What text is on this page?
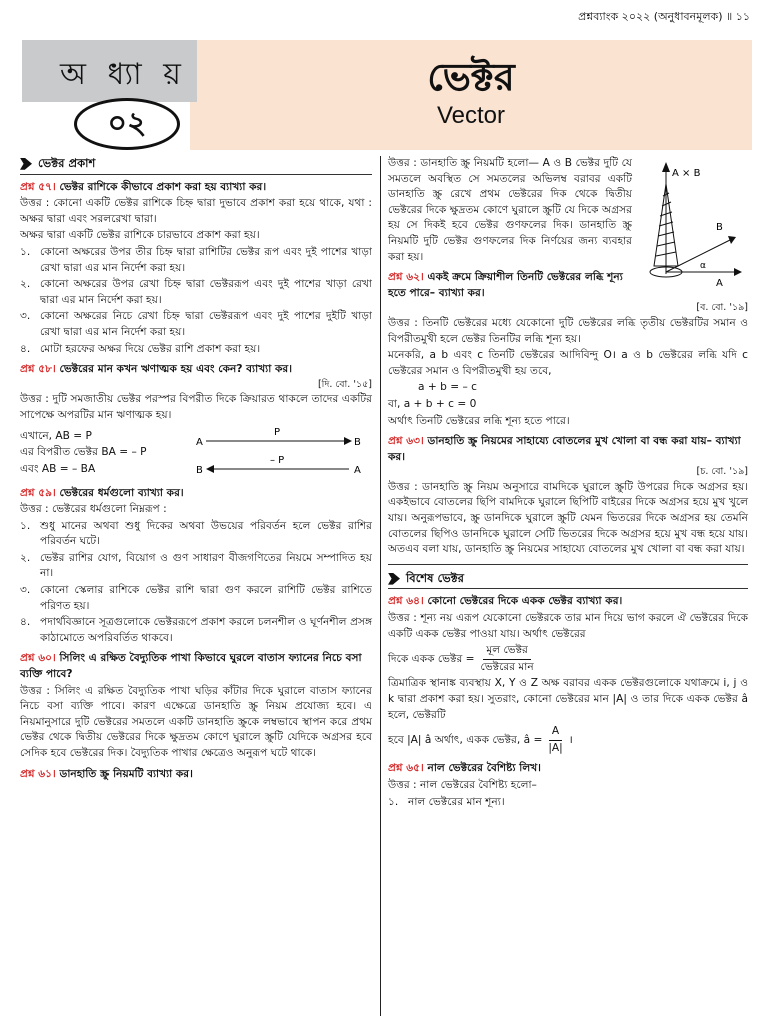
প্রশ্নব্যাংক ২০২২ (অনুধাবনমূলক) ॥ ১১
অ ধ্যা য়
০২
ভেক্টর
Vector
ভেক্টর প্রকাশ
প্রশ্ন ৫৭। ভেক্টর রাশিকে কীভাবে প্রকাশ করা হয় ব্যাখ্যা কর।

উত্তর : কোনো একটি ভেক্টর রাশিকে চিহ্ন দ্বারা দুভাবে প্রকাশ করা হয়ে থাকে, যথা : অক্ষর দ্বারা এবং সরলরেখা দ্বারা।

অক্ষর দ্বারা একটি ভেক্টর রাশিকে চারভাবে প্রকাশ করা হয়।

১. কোনো অক্ষরের উপর তীর চিহ্ন দ্বারা রাশিটির ভেক্টর রূপ এবং দুই পাশের খাড়া রেখা দ্বারা এর মান নির্দেশ করা হয়।
২. কোনো অক্ষরের উপর রেখা চিহ্ন দ্বারা ভেক্টররূপ এবং দুই পাশের খাড়া রেখা দ্বারা এর মান নির্দেশ করা হয়।
৩. কোনো অক্ষরের নিচে রেখা চিহ্ন দ্বারা ভেক্টররূপ এবং দুই পাশের দুইটি খাড়া রেখা দ্বারা এর মান নির্দেশ করা হয়।
৪. মোটা হরফের অক্ষর দিয়ে ভেক্টর রাশি প্রকাশ করা হয়।
প্রশ্ন ৫৮। ভেক্টরের মান কখন ঋণাত্মক হয় এবং কেন? ব্যাখ্যা কর।
[দি. বো. '১৫]

উত্তর : দুটি সমজাতীয় ভেক্টর পরস্পর বিপরীত দিকে ক্রিয়ারত থাকলে তাদের একটির সাপেক্ষে অপরটির মান ঋণাত্মক হয়।

এখানে, AB = P

এর বিপরীত ভেক্টর BA = – P

এবং AB = – BA

A	B
P
B	A
– P
প্রশ্ন ৫৯। ভেক্টরের ধর্মগুলো ব্যাখ্যা কর।

উত্তর : ভেক্টরের ধর্মগুলো নিম্নরূপ :

১. শুধু মানের অথবা শুধু দিকের অথবা উভয়ের পরিবর্তন হলে ভেক্টর রাশির পরিবর্তন ঘটে।
২. ভেক্টর রাশির যোগ, বিয়োগ ও গুণ সাধারণ বীজগণিতের নিয়মে সম্পাদিত হয় না।
৩. কোনো স্কেলার রাশিকে ভেক্টর রাশি দ্বারা গুণ করলে রাশিটি ভেক্টর রাশিতে পরিণত হয়।
৪. পদার্থবিজ্ঞানে সূত্রগুলোকে ভেক্টররূপে প্রকাশ করলে চলনশীল ও ঘূর্ণনশীল প্রসঙ্গ কাঠামোতে অপরিবর্তিত থাকবে।
প্রশ্ন ৬০। সিলিং এ রক্ষিত বৈদ্যুতিক পাখা কিভাবে ঘুরলে বাতাস ফ্যানের নিচে বসা ব্যক্তি পাবে?

উত্তর : সিলিং এ রক্ষিত বৈদ্যুতিক পাখা ঘড়ির কাঁটার দিকে ঘুরালে বাতাস ফ্যানের নিচে বসা ব্যক্তি পাবে। কারণ এক্ষেত্রে ডানহাতি স্ক্রু নিয়ম প্রযোজ্য হবে। এ নিয়মানুসারে দুটি ভেক্টরের সমতলে একটি ডানহাতি স্ক্রুকে লম্বভাবে স্থাপন করে প্রথম ভেক্টর থেকে দ্বিতীয় ভেক্টরের দিকে ক্ষুদ্রতম কোণে ঘুরালে স্ক্রুটি যেদিকে অগ্রসর হবে সেদিক হবে ভেক্টরের দিক। বৈদ্যুতিক পাখার ক্ষেত্রেও অনুরূপ ঘটে থাকে।

প্রশ্ন ৬১। ডানহাতি স্ক্রু নিয়মটি ব্যাখ্যা কর।
A × B
B
A
α

উত্তর : ডানহাতি স্ক্রু নিয়মটি হলো— A ও B ভেক্টর দুটি যে সমতলে অবস্থিত সে সমতলের অভিলম্ব বরাবর একটি ডানহাতি স্ক্রু রেখে প্রথম ভেক্টরের দিক থেকে দ্বিতীয় ভেক্টরের দিকে ক্ষুদ্রতম কোণে ঘুরালে স্ক্রুটি যে দিকে অগ্রসর হয় সে দিকই হবে ভেক্টর গুণফলের দিক। ডানহাতি স্ক্রু নিয়মটি দুটি ভেক্টর গুণফলের দিক নির্ণয়ের জন্য ব্যবহার করা হয়।

প্রশ্ন ৬২। একই ক্রমে ক্রিয়াশীল তিনটি ভেক্টরের লব্ধি শূন্য হতে পারে– ব্যাখ্যা কর।
[ব. বো. '১৯]

উত্তর : তিনটি ভেক্টরের মধ্যে যেকোনো দুটি ভেক্টরের লব্ধি তৃতীয় ভেক্টরটির সমান ও বিপরীতমুখী হলে ভেক্টর তিনটির লব্ধি শূন্য হয়।

মনেকরি, a b এবং c তিনটি ভেক্টরের আদিবিন্দু O। a ও b ভেক্টরের লব্ধি যদি c ভেক্টরের সমান ও বিপরীতমুখী হয় তবে,

a + b = – c

বা, a + b + c = 0

অর্থাৎ তিনটি ভেক্টরের লব্ধি শূন্য হতে পারে।

প্রশ্ন ৬৩। ডানহাতি স্ক্রু নিয়মের সাহায্যে বোতলের মুখ খোলা বা বন্ধ করা যায়– ব্যাখ্যা কর।
[চ. বো. '১৯]

উত্তর : ডানহাতি স্ক্রু নিয়ম অনুসারে বামদিকে ঘুরালে স্ক্রুটি উপরের দিকে অগ্রসর হয়। একইভাবে বোতলের ছিপি বামদিকে ঘুরালে ছিপিটি বাইরের দিকে অগ্রসর হয়ে মুখ খুলে যায়। অনুরূপভাবে, স্ক্রু ডানদিকে ঘুরালে স্ক্রুটি যেমন ভিতরের দিকে অগ্রসর হয় তেমনি বোতলের ছিপিও ডানদিকে ঘুরালে সেটি ভিতরের দিকে অগ্রসর হয়ে মুখ বন্ধ হয়ে যায়। অতএব বলা যায়, ডানহাতি স্ক্রু নিয়মের সাহায্যে বোতলের মুখ খোলা বা বন্ধ করা যায়।

বিশেষ ভেক্টর
প্রশ্ন ৬৪। কোনো ভেক্টরের দিকে একক ভেক্টর ব্যাখ্যা কর।

উত্তর : শূন্য নয় এরূপ যেকোনো ভেক্টরকে তার মান দিয়ে ভাগ করলে ঐ ভেক্টরের দিকে একটি একক ভেক্টর পাওয়া যায়। অর্থাৎ ভেক্টরের

দিকে একক ভেক্টর = $\frac{\text{মূল ভেক্টর}}{\text{ভেক্টরের মান}}$

ত্রিমাত্রিক স্থানাঙ্ক ব্যবস্থায় X, Y ও Z অক্ষ বরাবর একক ভেক্টরগুলোকে যথাক্রমে i, j ও k দ্বারা প্রকাশ করা হয়। সুতরাং, কোনো ভেক্টরের মান |A| ও তার দিকে একক ভেক্টর â হলে, ভেক্টরটি

হবে |A| â অর্থাৎ, একক ভেক্টর, â = $\frac{A}{|A|}$ ।

প্রশ্ন ৬৫। নাল ভেক্টরের বৈশিষ্ট্য লিখ।

উত্তর : নাল ভেক্টরের বৈশিষ্ট্য হলো–

১. নাল ভেক্টরের মান শূন্য।
